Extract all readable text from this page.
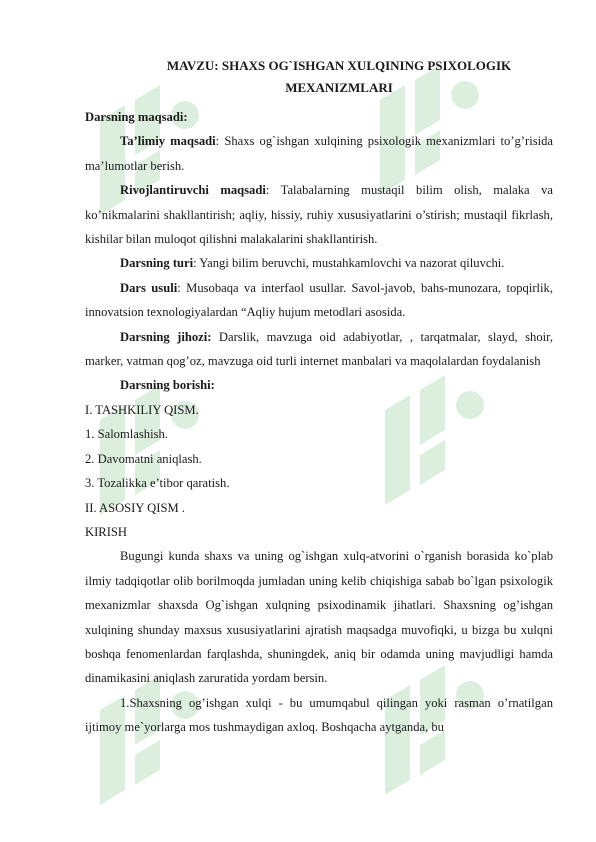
MAVZU: SHAXS OG`ISHGAN XULQINING PSIXOLOGIK
MEXANIZMLARI

Darsning maqsadi:

Ta’limiy maqsadi: Shaxs og`ishgan xulqining psixologik mexanizmlari to’g’risida ma’lumotlar berish.

Rivojlantiruvchi maqsadi: Talabalarning mustaqil bilim olish, malaka va ko’nikmalarini shakllantirish; aqliy, hissiy, ruhiy xususiyatlarini o’stirish; mustaqil fikrlash, kishilar bilan muloqot qilishni malakalarini shakllantirish.

Darsning turi: Yangi bilim beruvchi, mustahkamlovchi va nazorat qiluvchi.

Dars usuli: Musobaqa va interfaol usullar. Savol-javob, bahs-munozara, topqirlik, innovatsion texnologiyalardan “Aqliy hujum metodlari asosida.

Darsning jihozi: Darslik, mavzuga oid adabiyotlar, , tarqatmalar, slayd, shoir, marker, vatman qog’oz, mavzuga oid turli internet manbalari va maqolalardan foydalanish

Darsning borishi:

I. TASHKILIY QISM.

1. Salomlashish.

2. Davomatni aniqlash.

3. Tozalikka e’tibor qaratish.

II. ASOSIY QISM .

KIRISH

Bugungi kunda shaxs va uning og`ishgan xulq-atvorini o`rganish borasida ko`plab ilmiy tadqiqotlar olib borilmoqda jumladan uning kelib chiqishiga sabab bo`lgan psixologik mexanizmlar shaxsda Og`ishgan xulqning psixodinamik jihatlari. Shaxsning og’ishgan xulqining shunday maxsus xususiyatlarini ajratish maqsadga muvofiqki, u bizga bu xulqni boshqa fenomenlardan farqlashda, shuningdek, aniq bir odamda uning mavjudligi hamda dinamikasini aniqlash zaruratida yordam bersin.

1.Shaxsning og’ishgan xulqi - bu umumqabul qilingan yoki rasman o’rnatilgan ijtimoy me`yorlarga mos tushmaydigan axloq. Boshqacha aytganda, bu
